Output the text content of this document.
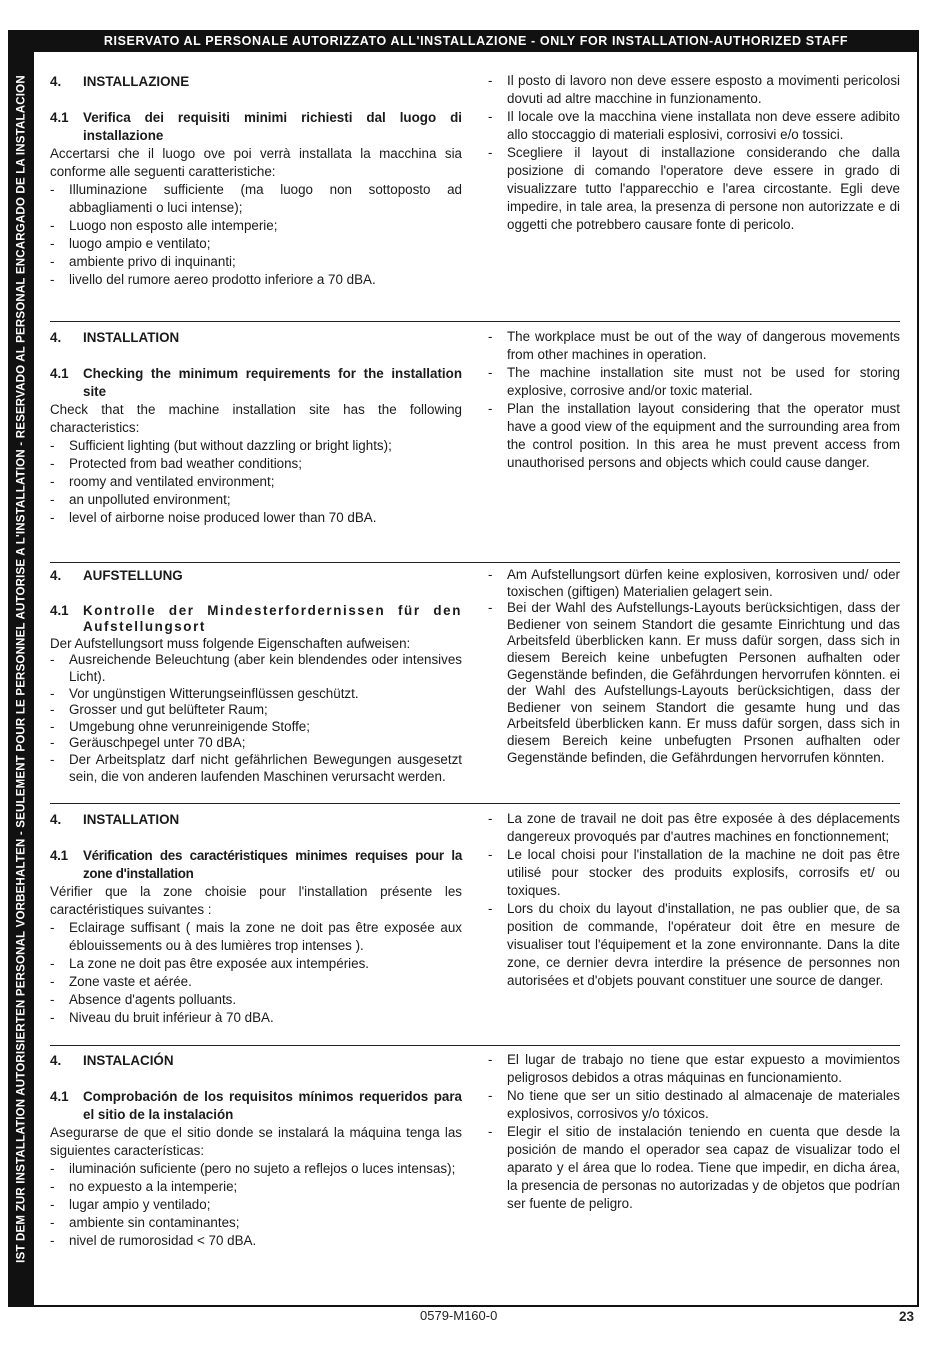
RISERVATO AL PERSONALE AUTORIZZATO ALL'INSTALLAZIONE - ONLY FOR INSTALLATION-AUTHORIZED STAFF
IST DEM ZUR INSTALLATION AUTORISIERTEN PERSONAL VORBEHALTEN - SEULEMENT POUR LE PERSONNEL AUTORISE A L'INSTALLATION - RESERVADO AL PERSONAL ENCARGADO DE LA INSTALACION	4. INSTALLAZIONE
4.1 Verifica dei requisiti minimi richiesti dal luogo di installazione

Accertarsi che il luogo ove poi verrà installata la macchina sia conforme alle seguenti caratteristiche:

- Illuminazione sufficiente (ma luogo non sottoposto ad abbagliamenti o luci intense);
- Luogo non esposto alle intemperie;
- luogo ampio e ventilato;
- ambiente privo di inquinanti;
- livello del rumore aereo prodotto inferiore a 70 dBA.
- Il posto di lavoro non deve essere esposto a movimenti pericolosi dovuti ad altre macchine in funzionamento.
- Il locale ove la macchina viene installata non deve essere adibito allo stoccaggio di materiali esplosivi, corrosivi e/o tossici.
- Scegliere il layout di installazione considerando che dalla posizione di comando l'operatore deve essere in grado di visualizzare tutto l'apparecchio e l'area circostante. Egli deve impedire, in tale area, la presenza di persone non autorizzate e di oggetti che potrebbero causare fonte di pericolo.
4. INSTALLATION
4.1 Checking the minimum requirements for the installation site

Check that the machine installation site has the following characteristics:

- Sufficient lighting (but without dazzling or bright lights);
- Protected from bad weather conditions;
- roomy and ventilated environment;
- an unpolluted environment;
- level of airborne noise produced lower than 70 dBA.
- The workplace must be out of the way of dangerous movements from other machines in operation.
- The machine installation site must not be used for storing explosive, corrosive and/or toxic material.
- Plan the installation layout considering that the operator must have a good view of the equipment and the surrounding area from the control position. In this area he must prevent access from unauthorised persons and objects which could cause danger.
4. AUFSTELLUNG
4.1 Kontrolle der Mindesterfordernissen für den Aufstellungsort

Der Aufstellungsort muss folgende Eigenschaften aufweisen:

- Ausreichende Beleuchtung (aber kein blendendes oder intensives Licht).
- Vor ungünstigen Witterungseinflüssen geschützt.
- Grosser und gut belüfteter Raum;
- Umgebung ohne verunreinigende Stoffe;
- Geräuschpegel unter 70 dBA;
- Der Arbeitsplatz darf nicht gefährlichen Bewegungen ausgesetzt sein, die von anderen laufenden Maschinen verursacht werden.
- Am Aufstellungsort dürfen keine explosiven, korrosiven und/ oder toxischen (giftigen) Materialien gelagert sein.
- Bei der Wahl des Aufstellungs-Layouts berücksichtigen, dass der Bediener von seinem Standort die gesamte Einrichtung und das Arbeitsfeld überblicken kann. Er muss dafür sorgen, dass sich in diesem Bereich keine unbefugten Personen aufhalten oder Gegenstände befinden, die Gefährdungen hervorrufen könnten. ei der Wahl des Aufstellungs-Layouts berücksichtigen, dass der Bediener von seinem Standort die gesamte hung und das Arbeitsfeld überblicken kann. Er muss dafür sorgen, dass sich in diesem Bereich keine unbefugten Prsonen aufhalten oder Gegenstände befinden, die Gefährdungen hervorrufen könnten.
4. INSTALLATION
4.1 Vérification des caractéristiques minimes requises pour la zone d'installation

Vérifier que la zone choisie pour l'installation présente les caractéristiques suivantes :

- Eclairage suffisant ( mais la zone ne doit pas être exposée aux éblouissements ou à des lumières trop intenses ).
- La zone ne doit pas être exposée aux intempéries.
- Zone vaste et aérée.
- Absence d'agents polluants.
- Niveau du bruit inférieur à 70 dBA.
- La zone de travail ne doit pas être exposée à des déplacements dangereux provoqués par d'autres machines en fonctionnement;
- Le local choisi pour l'installation de la machine ne doit pas être utilisé pour stocker des produits explosifs, corrosifs et/ ou toxiques.
- Lors du choix du layout d'installation, ne pas oublier que, de sa position de commande, l'opérateur doit être en mesure de visualiser tout l'équipement et la zone environnante. Dans la dite zone, ce dernier devra interdire la présence de personnes non autorisées et d'objets pouvant constituer une source de danger.
4. INSTALACIÓN
4.1 Comprobación de los requisitos mínimos requeridos para el sitio de la instalación

Asegurarse de que el sitio donde se instalará la máquina tenga las siguientes características:

- iluminación suficiente (pero no sujeto a reflejos o luces intensas);
- no expuesto a la intemperie;
- lugar ampio y ventilado;
- ambiente sin contaminantes;
- nivel de rumorosidad < 70 dBA.
- El lugar de trabajo no tiene que estar expuesto a movimientos peligrosos debidos a otras máquinas en funcionamiento.
- No tiene que ser un sitio destinado al almacenaje de materiales explosivos, corrosivos y/o tóxicos.
- Elegir el sitio de instalación teniendo en cuenta que desde la posición de mando el operador sea capaz de visualizar todo el aparato y el área que lo rodea. Tiene que impedir, en dicha área, la presencia de personas no autorizadas y de objetos que podrían ser fuente de peligro.
0579-M160-0	23
